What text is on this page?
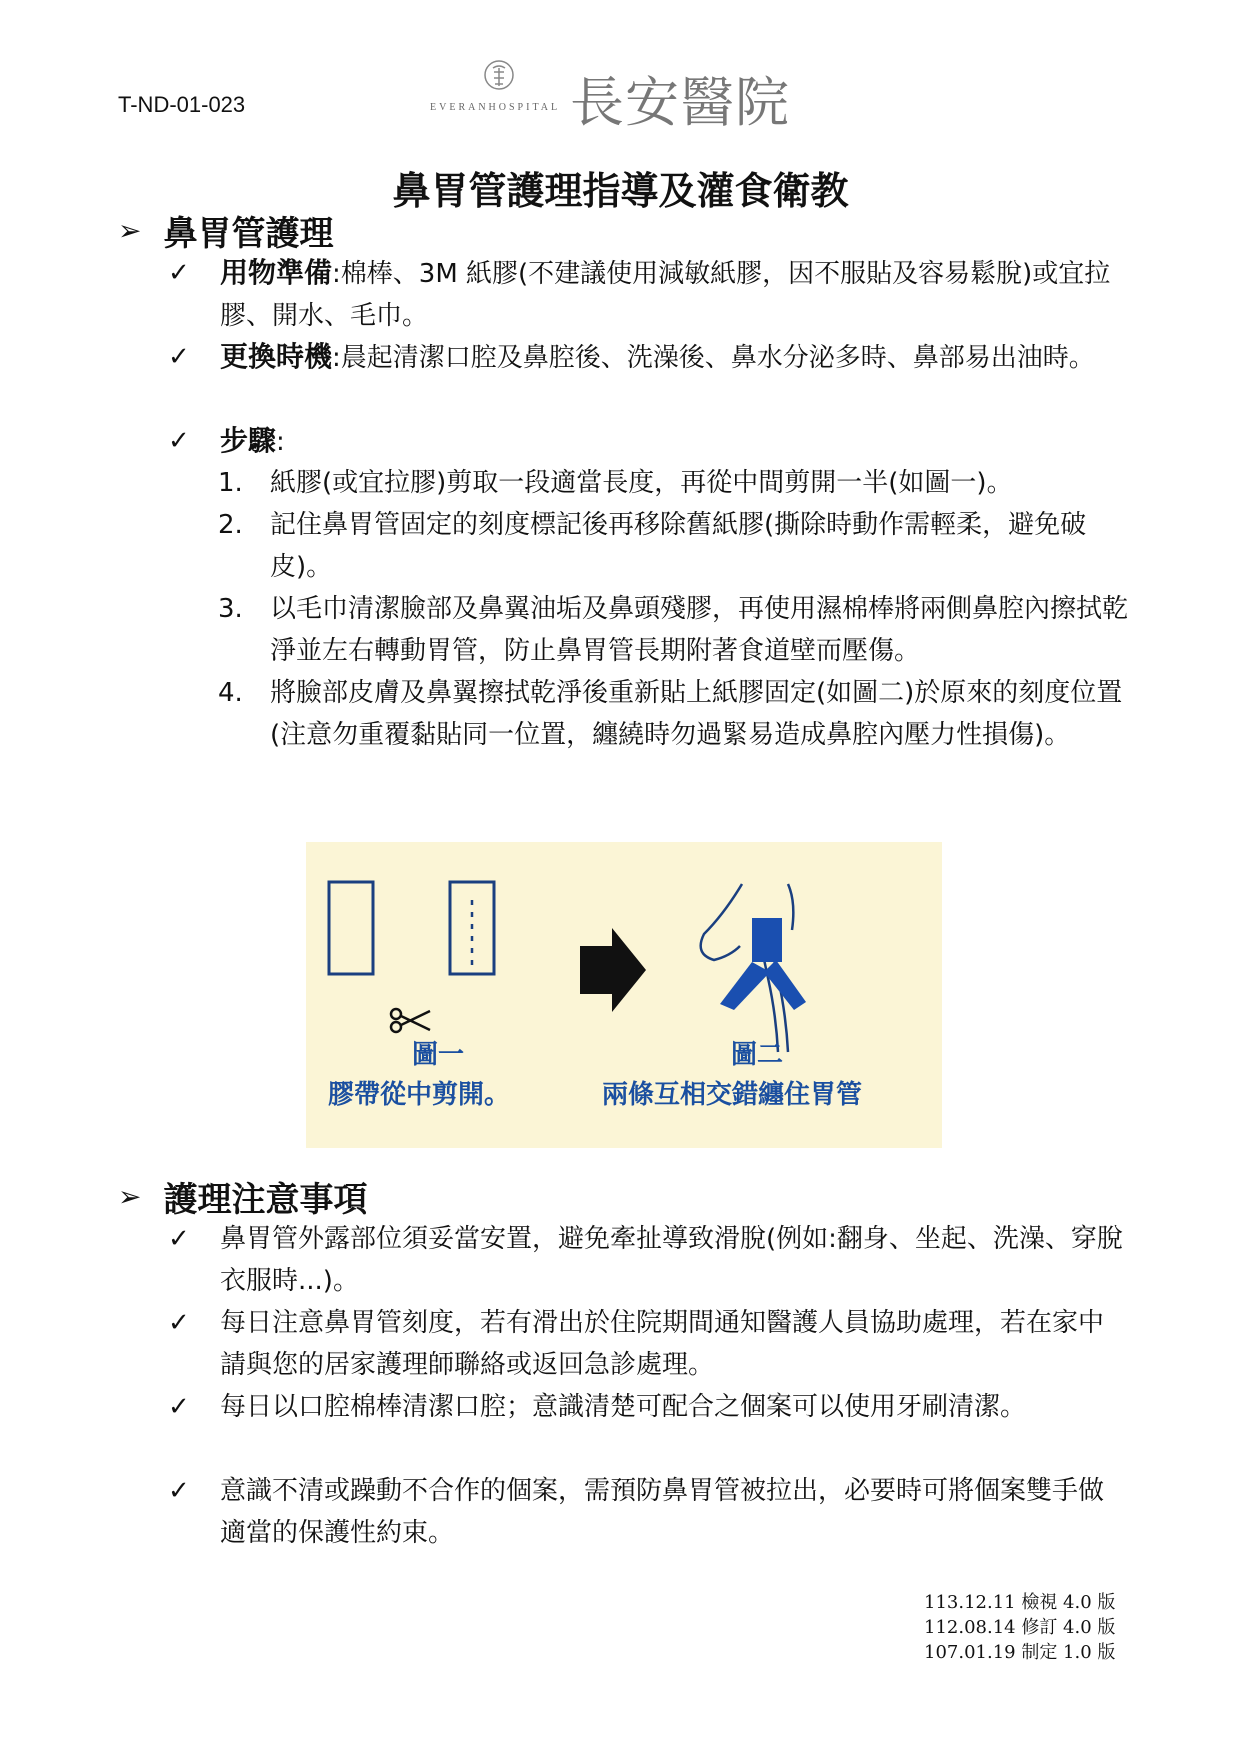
T-ND-01-023	EVERANHOSPITAL 長安醫院
鼻胃管護理指導及灌食衛教
➢ 鼻胃管護理
✓ 用物準備:棉棒、3M 紙膠(不建議使用減敏紙膠，因不服貼及容易鬆脫)或宜拉膠、開水、毛巾。
✓ 更換時機:晨起清潔口腔及鼻腔後、洗澡後、鼻水分泌多時、鼻部易出油時。
✓ 步驟:
1. 紙膠(或宜拉膠)剪取一段適當長度，再從中間剪開一半(如圖一)。
2. 記住鼻胃管固定的刻度標記後再移除舊紙膠(撕除時動作需輕柔，避免破皮)。
3. 以毛巾清潔臉部及鼻翼油垢及鼻頭殘膠，再使用濕棉棒將兩側鼻腔內擦拭乾淨並左右轉動胃管，防止鼻胃管長期附著食道壁而壓傷。
4. 將臉部皮膚及鼻翼擦拭乾淨後重新貼上紙膠固定(如圖二)於原來的刻度位置(注意勿重覆黏貼同一位置，纏繞時勿過緊易造成鼻腔內壓力性損傷)。
圖一
膠帶從中剪開。
圖二
兩條互相交錯纏住胃管
➢ 護理注意事項
✓ 鼻胃管外露部位須妥當安置，避免牽扯導致滑脫(例如:翻身、坐起、洗澡、穿脫衣服時...)。
✓ 每日注意鼻胃管刻度，若有滑出於住院期間通知醫護人員協助處理，若在家中請與您的居家護理師聯絡或返回急診處理。
✓ 每日以口腔棉棒清潔口腔；意識清楚可配合之個案可以使用牙刷清潔。
✓ 意識不清或躁動不合作的個案，需預防鼻胃管被拉出，必要時可將個案雙手做適當的保護性約束。
113.12.11 檢視 4.0 版
112.08.14 修訂 4.0 版
107.01.19 制定 1.0 版
